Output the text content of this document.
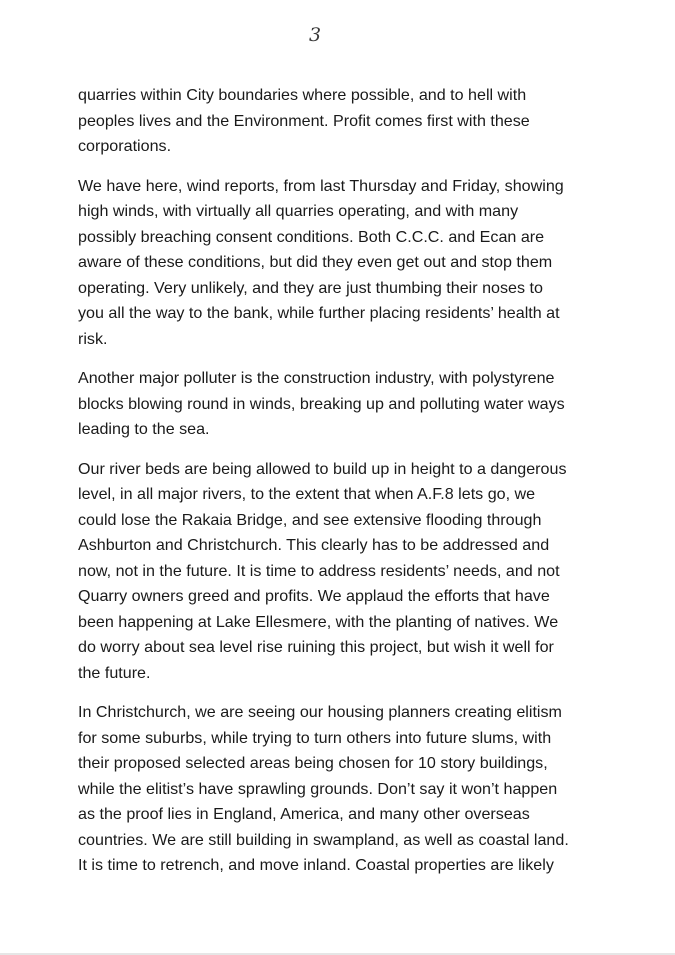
3

quarries within City boundaries where possible, and to hell with
peoples lives and the Environment. Profit comes first with these
corporations.

We have here, wind reports, from last Thursday and Friday, showing
high winds, with virtually all quarries operating, and with many
possibly breaching consent conditions. Both C.C.C. and Ecan are
aware of these conditions, but did they even get out and stop them
operating. Very unlikely, and they are just thumbing their noses to
you all the way to the bank, while further placing residents’ health at
risk.

Another major polluter is the construction industry, with polystyrene
blocks blowing round in winds, breaking up and polluting water ways
leading to the sea.

Our river beds are being allowed to build up in height to a dangerous
level, in all major rivers, to the extent that when A.F.8 lets go, we
could lose the Rakaia Bridge, and see extensive flooding through
Ashburton and Christchurch. This clearly has to be addressed and
now, not in the future. It is time to address residents’ needs, and not
Quarry owners greed and profits. We applaud the efforts that have
been happening at Lake Ellesmere, with the planting of natives. We
do worry about sea level rise ruining this project, but wish it well for
the future.

In Christchurch, we are seeing our housing planners creating elitism
for some suburbs, while trying to turn others into future slums, with
their proposed selected areas being chosen for 10 story buildings,
while the elitist’s have sprawling grounds. Don’t say it won’t happen
as the proof lies in England, America, and many other overseas
countries. We are still building in swampland, as well as coastal land.
It is time to retrench, and move inland. Coastal properties are likely
